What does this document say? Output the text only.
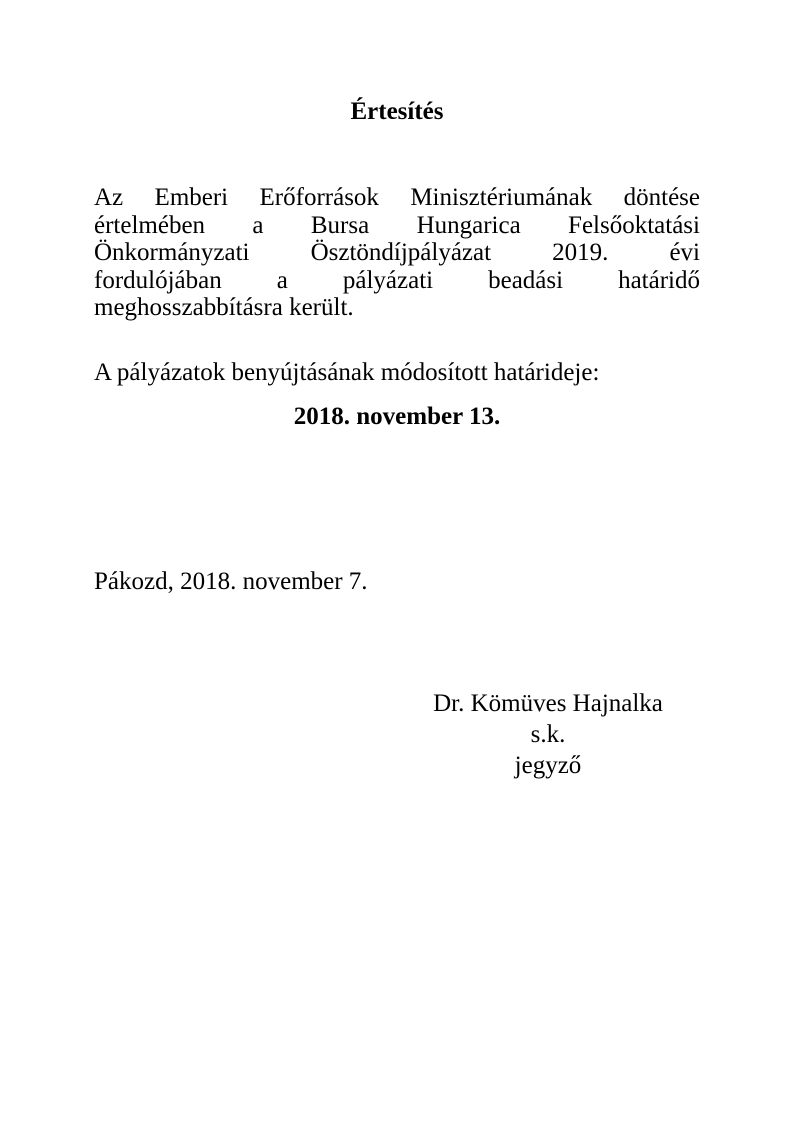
Értesítés
Az Emberi Erőforrások Minisztériumának döntése
értelmében a Bursa Hungarica Felsőoktatási
Önkormányzati Ösztöndíjpályázat 2019. évi
fordulójában a pályázati beadási határidő
meghosszabbításra került.
A pályázatok benyújtásának módosított határideje:
2018. november 13.
Pákozd, 2018. november 7.
Dr. Kömüves Hajnalka
s.k.
jegyző
